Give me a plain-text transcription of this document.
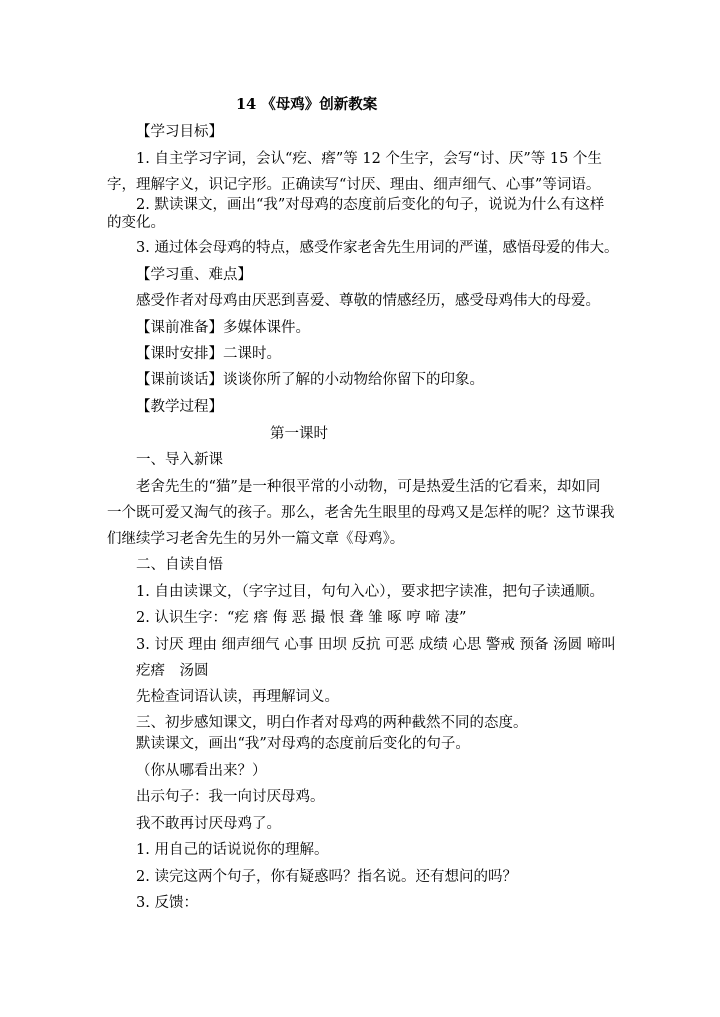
14 《母鸡》创新教案
【学习目标】
1. 自主学习字词，会认“疙、瘩”等 12 个生字，会写“讨、厌”等 15 个生
字，理解字义，识记字形。正确读写“讨厌、理由、细声细气、心事”等词语。
2. 默读课文，画出“我”对母鸡的态度前后变化的句子，说说为什么有这样
的变化。
3. 通过体会母鸡的特点，感受作家老舍先生用词的严谨，感悟母爱的伟大。
【学习重、难点】
感受作者对母鸡由厌恶到喜爱、尊敬的情感经历，感受母鸡伟大的母爱。
【课前准备】多媒体课件。
【课时安排】二课时。
【课前谈话】谈谈你所了解的小动物给你留下的印象。
【教学过程】
第一课时
一、导入新课
老舍先生的“猫”是一种很平常的小动物，可是热爱生活的它看来，却如同
一个既可爱又淘气的孩子。那么，老舍先生眼里的母鸡又是怎样的呢？这节课我
们继续学习老舍先生的另外一篇文章《母鸡》。
二、自读自悟
1. 自由读课文，（字字过目，句句入心），要求把字读准，把句子读通顺。
2. 认识生字：“疙 瘩 侮 恶 撮 恨 聋 雏 啄 哼 啼 凄”
3. 讨厌 理由 细声细气 心事 田坝 反抗 可恶 成绩 心思 警戒 预备 汤圆 啼叫
疙瘩　汤圆
先检查词语认读，再理解词义。
三、初步感知课文，明白作者对母鸡的两种截然不同的态度。
默读课文，画出“我”对母鸡的态度前后变化的句子。
（你从哪看出来？）
出示句子：我一向讨厌母鸡。
我不敢再讨厌母鸡了。
1. 用自己的话说说你的理解。
2. 读完这两个句子，你有疑惑吗？指名说。还有想问的吗？
3. 反馈：
